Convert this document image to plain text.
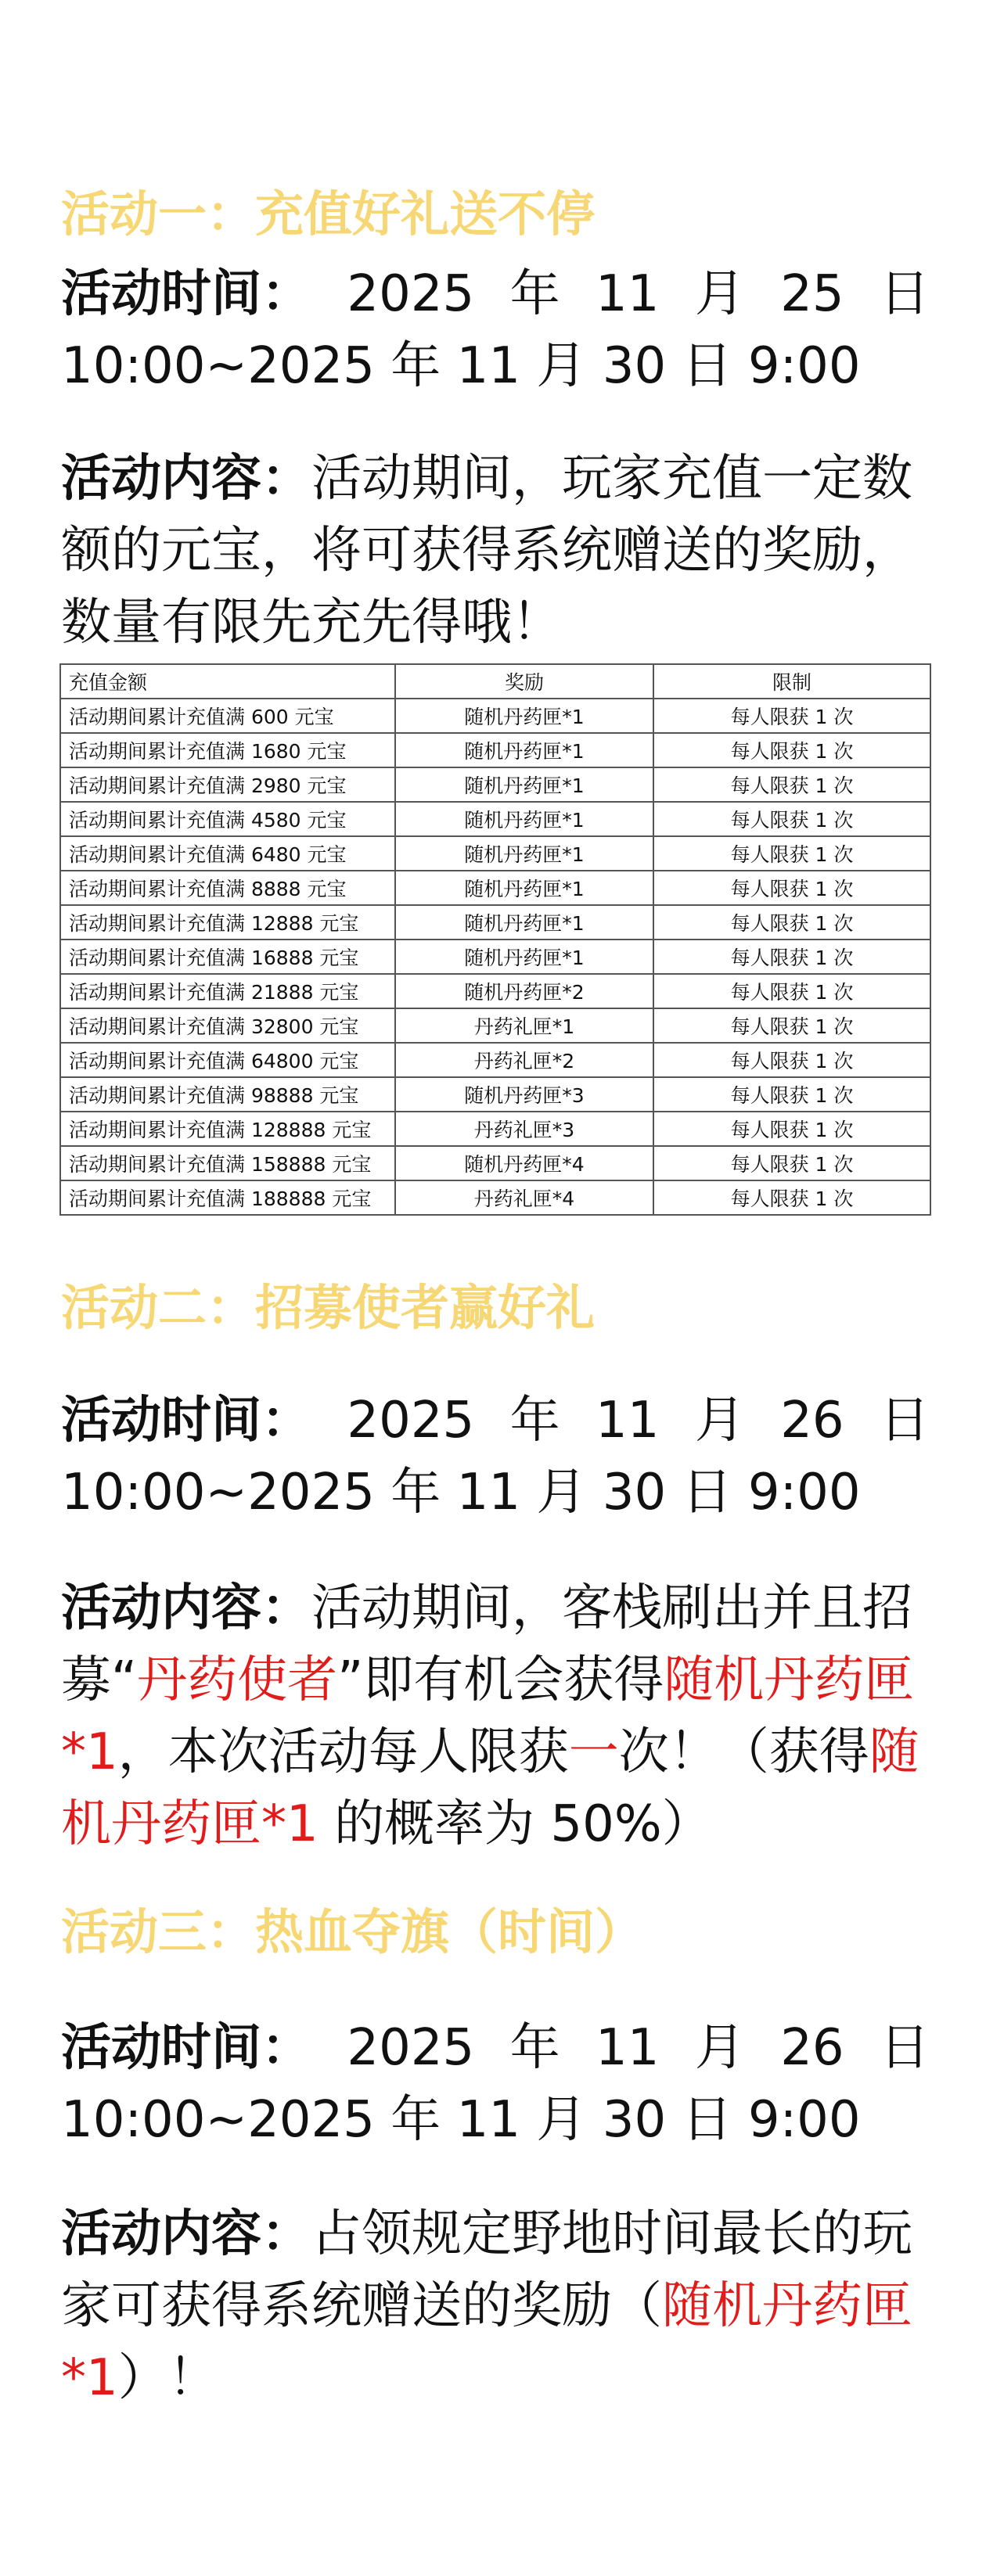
活动一：充值好礼送不停
活动时间： 2025 年 11 月 25 日
10:00~2025 年 11 月 30 日 9:00
活动内容：活动期间，玩家充值一定数额的元宝，将可获得系统赠送的奖励，数量有限先充先得哦！
充值金额	奖励	限制
活动期间累计充值满 600 元宝	随机丹药匣*1	每人限获 1 次
活动期间累计充值满 1680 元宝	随机丹药匣*1	每人限获 1 次
活动期间累计充值满 2980 元宝	随机丹药匣*1	每人限获 1 次
活动期间累计充值满 4580 元宝	随机丹药匣*1	每人限获 1 次
活动期间累计充值满 6480 元宝	随机丹药匣*1	每人限获 1 次
活动期间累计充值满 8888 元宝	随机丹药匣*1	每人限获 1 次
活动期间累计充值满 12888 元宝	随机丹药匣*1	每人限获 1 次
活动期间累计充值满 16888 元宝	随机丹药匣*1	每人限获 1 次
活动期间累计充值满 21888 元宝	随机丹药匣*2	每人限获 1 次
活动期间累计充值满 32800 元宝	丹药礼匣*1	每人限获 1 次
活动期间累计充值满 64800 元宝	丹药礼匣*2	每人限获 1 次
活动期间累计充值满 98888 元宝	随机丹药匣*3	每人限获 1 次
活动期间累计充值满 128888 元宝	丹药礼匣*3	每人限获 1 次
活动期间累计充值满 158888 元宝	随机丹药匣*4	每人限获 1 次
活动期间累计充值满 188888 元宝	丹药礼匣*4	每人限获 1 次
活动二：招募使者赢好礼
活动时间： 2025 年 11 月 26 日
10:00~2025 年 11 月 30 日 9:00
活动内容：活动期间，客栈刷出并且招募“丹药使者”即有机会获得随机丹药匣*1，本次活动每人限获一次！（获得随机丹药匣*1 的概率为 50%）
活动三：热血夺旗（时间）
活动时间： 2025 年 11 月 26 日
10:00~2025 年 11 月 30 日 9:00
活动内容：占领规定野地时间最长的玩家可获得系统赠送的奖励（随机丹药匣*1）！
